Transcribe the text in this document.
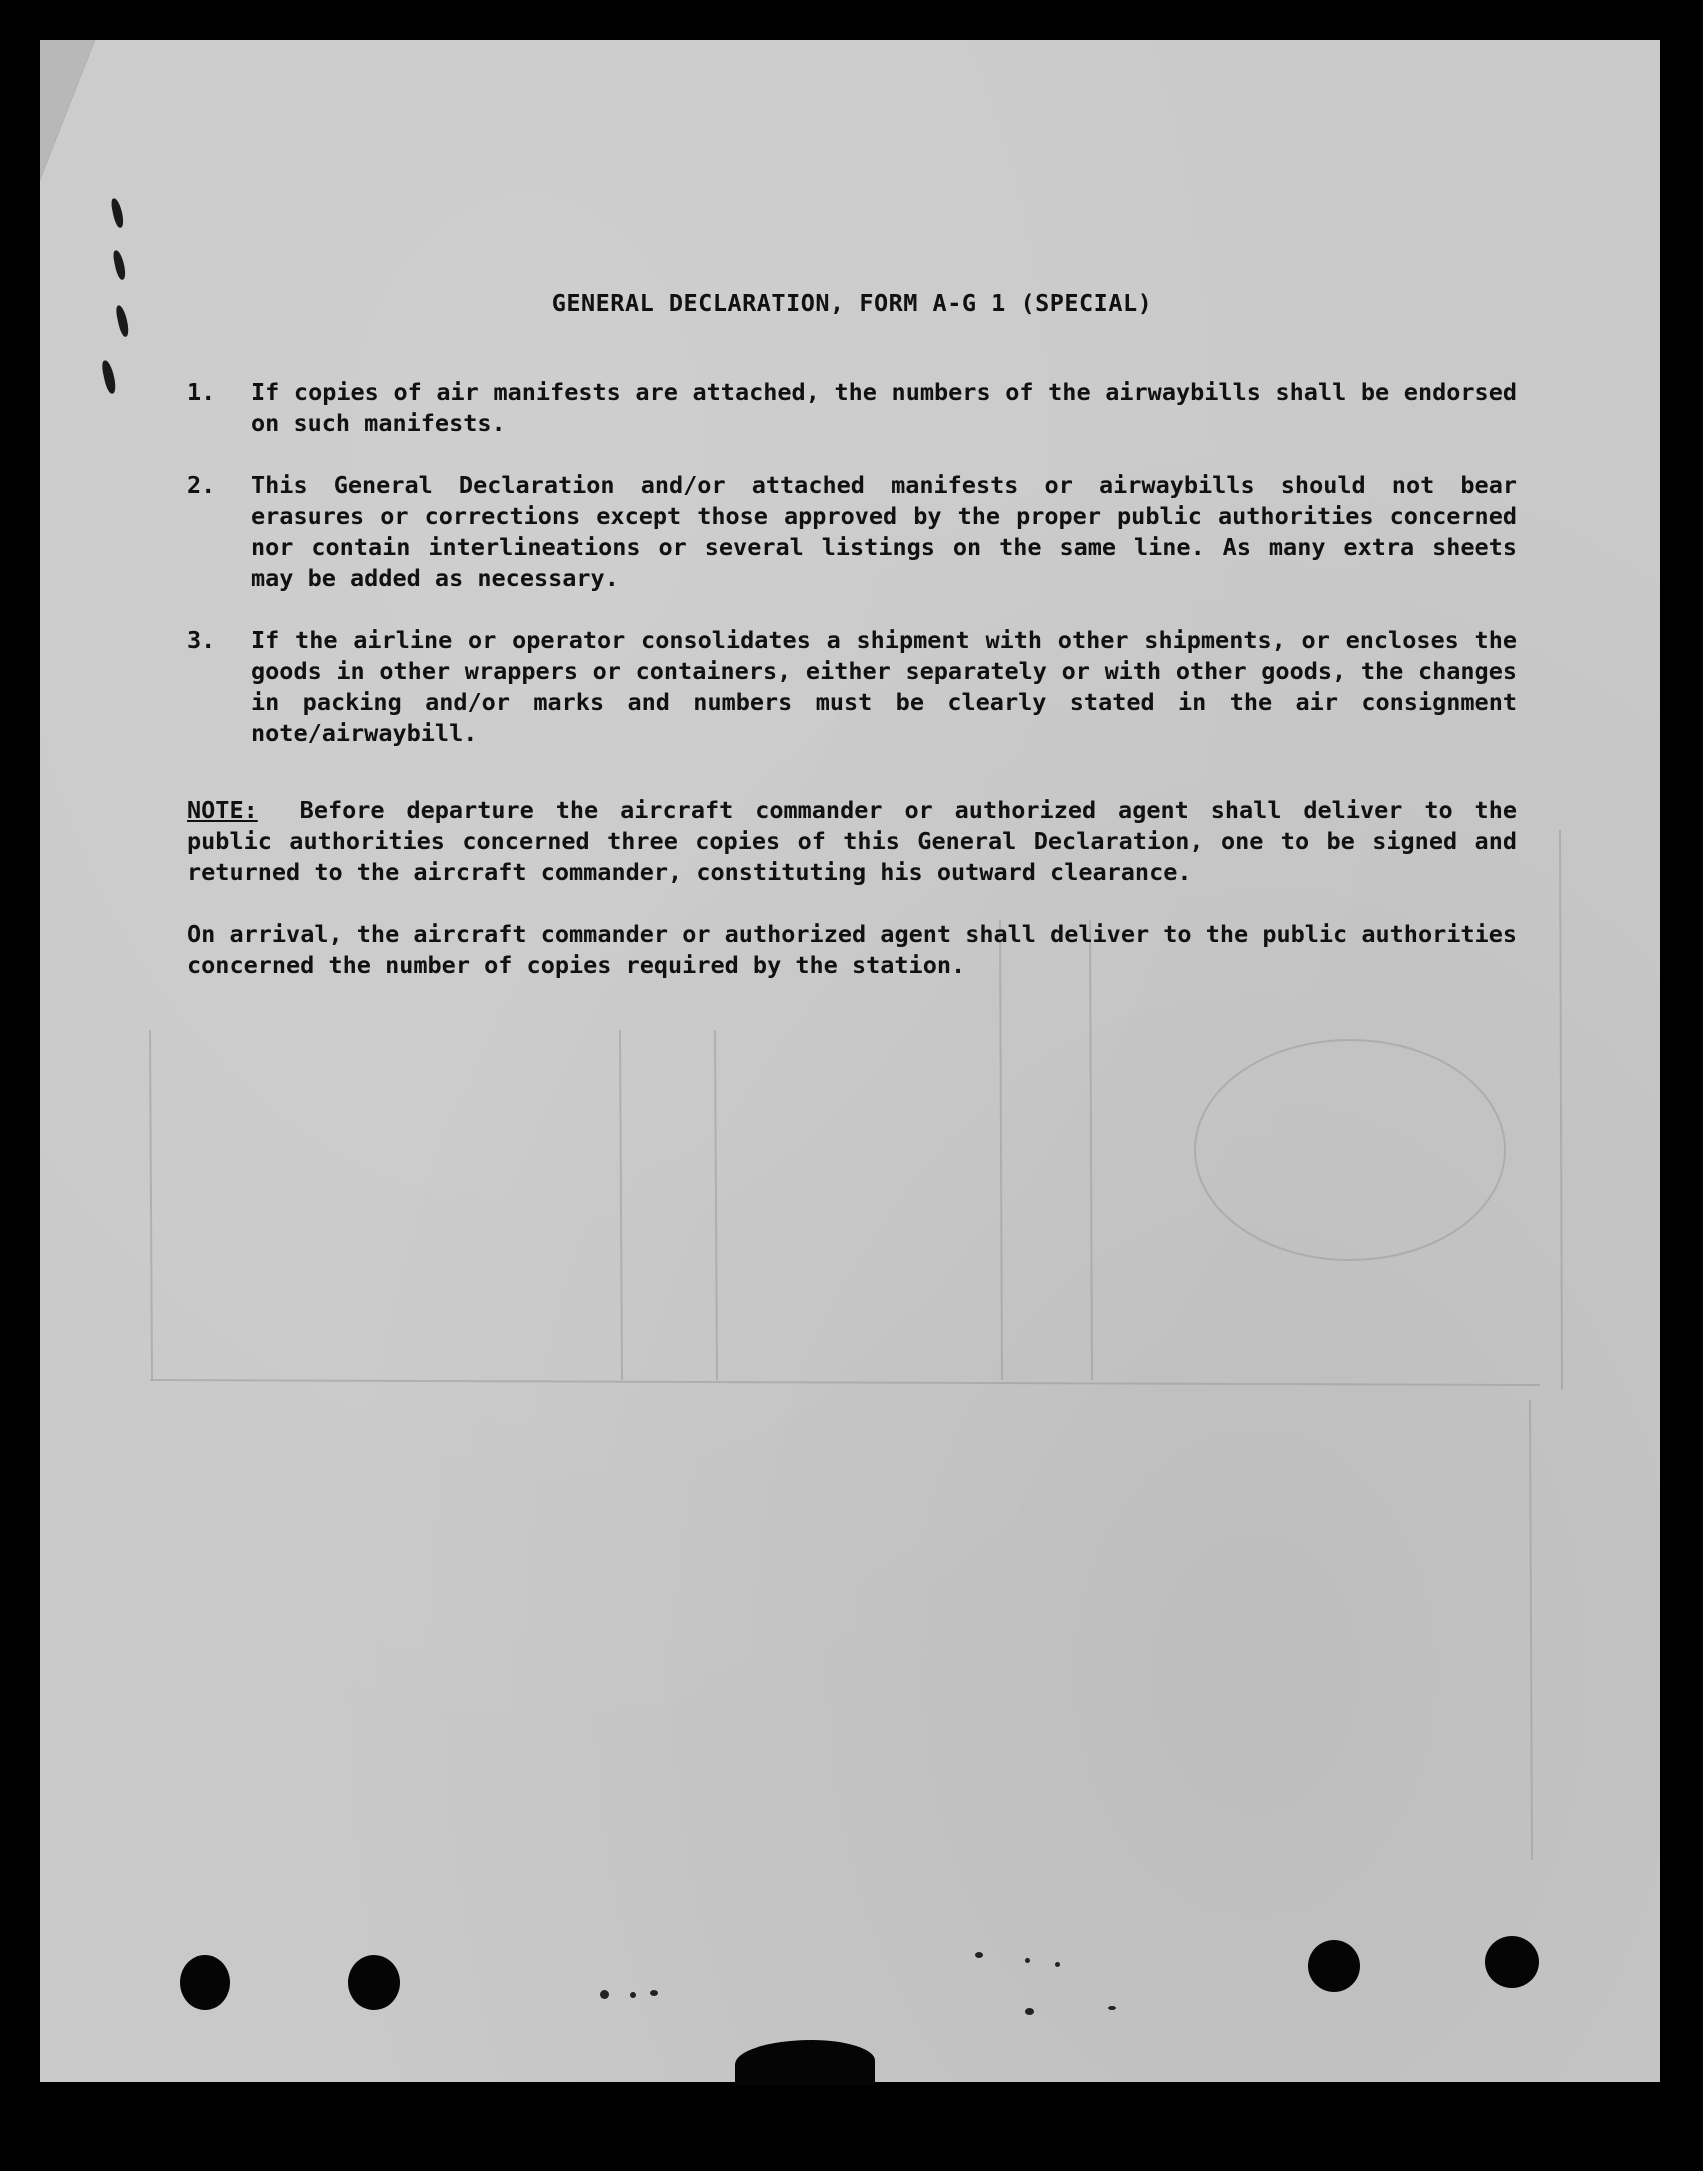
GENERAL DECLARATION, FORM A-G 1 (SPECIAL)
1.	If copies of air manifests are attached, the numbers of the airwaybills shall be endorsed on such manifests.
2.	This General Declaration and/or attached manifests or airwaybills should not bear erasures or corrections except those approved by the proper public authorities concerned nor contain interlineations or several listings on the same line. As many extra sheets may be added as necessary.
3.	If the airline or operator consolidates a shipment with other shipments, or encloses the goods in other wrappers or containers, either separately or with other goods, the changes in packing and/or marks and numbers must be clearly stated in the air consignment note/airwaybill.
NOTE: Before departure the aircraft commander or authorized agent shall deliver to the public authorities concerned three copies of this General Declaration, one to be signed and returned to the aircraft commander, constituting his outward clearance.
On arrival, the aircraft commander or authorized agent shall deliver to the public authorities concerned the number of copies required by the station.
